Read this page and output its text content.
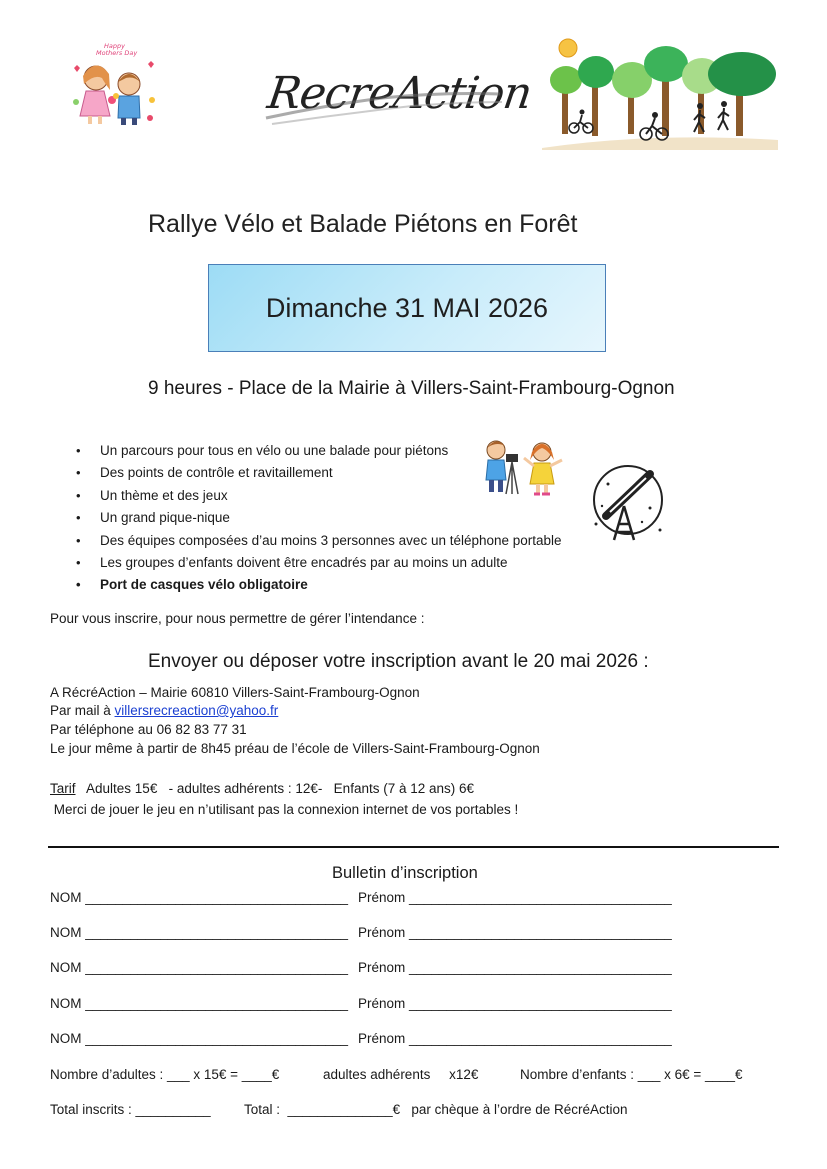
Happy
Mothers Day
RecreAction
Rallye Vélo et Balade Piétons en Forêt
Dimanche 31 MAI 2026
9 heures - Place de la Mairie à Villers-Saint-Frambourg-Ognon
• Un parcours pour tous en vélo ou une balade pour piétons
• Des points de contrôle et ravitaillement
• Un thème et des jeux
• Un grand pique-nique
• Des équipes composées d’au moins 3 personnes avec un téléphone portable
• Les groupes d’enfants doivent être encadrés par au moins un adulte
• Port de casques vélo obligatoire
Pour vous inscrire, pour nous permettre de gérer l’intendance :
Envoyer ou déposer votre inscription avant le 20 mai 2026 :
A RécréAction – Mairie 60810 Villers-Saint-Frambourg-Ognon
Par mail à villersrecreaction@yahoo.fr
Par téléphone au 06 82 83 77 31
Le jour même à partir de 8h45 préau de l’école de Villers-Saint-Frambourg-Ognon
Tarif   Adultes 15€   - adultes adhérents : 12€-   Enfants (7 à 12 ans) 6€
Merci de jouer le jeu en n’utilisant pas la connexion internet de vos portables !
Bulletin d’inscription
NOM ___________________________________ Prénom ___________________________________
NOM ___________________________________ Prénom ___________________________________
NOM ___________________________________ Prénom ___________________________________
NOM ___________________________________ Prénom ___________________________________
NOM ___________________________________ Prénom ___________________________________
Nombre d’adultes : ___ x 15€ = ____€	adultes adhérents     x12€	Nombre d’enfants : ___ x 6€ = ____€
Total inscrits : __________ Total :  ______________€   par chèque à l’ordre de RécréAction
